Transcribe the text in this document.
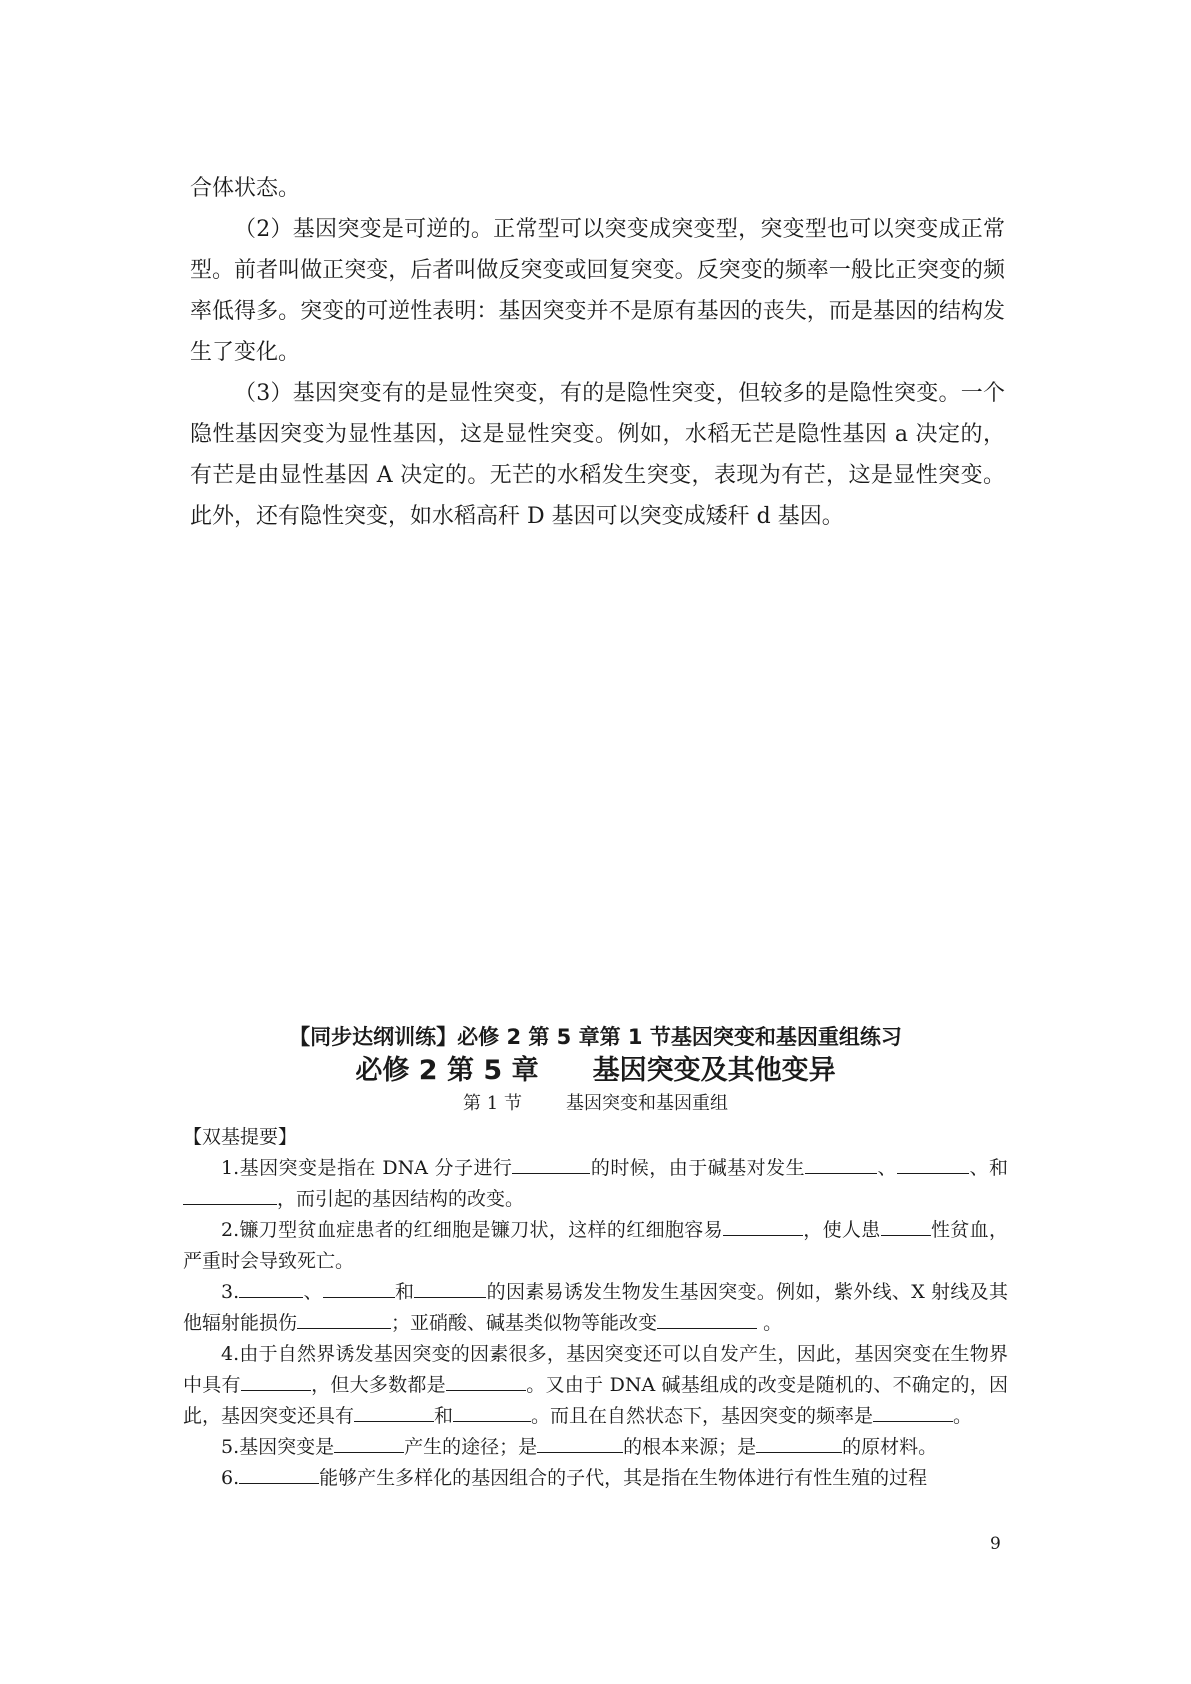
合体状态。

（2）基因突变是可逆的。正常型可以突变成突变型，突变型也可以突变成正常型。前者叫做正突变，后者叫做反突变或回复突变。反突变的频率一般比正突变的频率低得多。突变的可逆性表明：基因突变并不是原有基因的丧失，而是基因的结构发生了变化。

（3）基因突变有的是显性突变，有的是隐性突变，但较多的是隐性突变。一个隐性基因突变为显性基因，这是显性突变。例如，水稻无芒是隐性基因 a 决定的，有芒是由显性基因 A 决定的。无芒的水稻发生突变，表现为有芒，这是显性突变。此外，还有隐性突变，如水稻高秆 D 基因可以突变成矮秆 d 基因。

【同步达纲训练】必修 2 第 5 章第 1 节基因突变和基因重组练习
必修 2 第 5 章 基因突变及其他变异
第 1 节 基因突变和基因重组
【双基提要】

1.基因突变是指在 DNA 分子进行	的时候，由于碱基对发生	、	、和，而引起的基因结构的改变。

2.镰刀型贫血症患者的红细胞是镰刀状，这样的红细胞容易	，使人患	性贫血，严重时会导致死亡。

3.	、	和	的因素易诱发生物发生基因突变。例如，紫外线、X 射线及其他辐射能损伤	；亚硝酸、碱基类似物等能改变	。

4.由于自然界诱发基因突变的因素很多，基因突变还可以自发产生，因此，基因突变在生物界中具有	，但大多数都是	。又由于 DNA 碱基组成的改变是随机的、不确定的，因此，基因突变还具有	和	。而且在自然状态下，基因突变的频率是	。

5.基因突变是	产生的途径；是	的根本来源；是	的原材料。

6.	能够产生多样化的基因组合的子代，其是指在生物体进行有性生殖的过程

9
